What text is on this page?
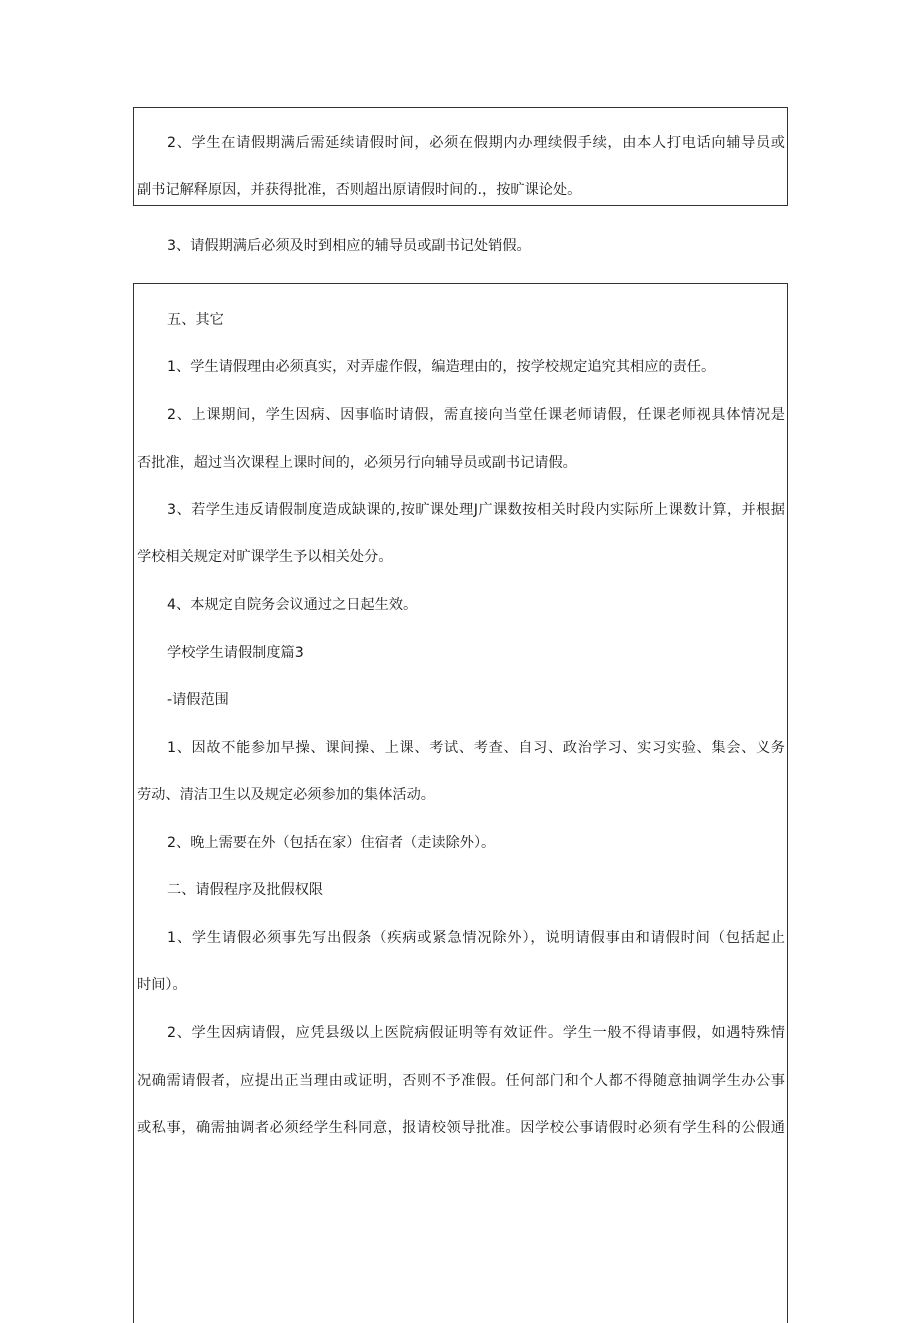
2、学生在请假期满后需延续请假时间，必须在假期内办理续假手续，由本人打电话向辅导员或
副书记解释原因，并获得批准，否则超出原请假时间的.，按旷课论处。
3、请假期满后必须及时到相应的辅导员或副书记处销假。
五、其它
1、学生请假理由必须真实，对弄虚作假，编造理由的，按学校规定追究其相应的责任。
2、上课期间，学生因病、因事临时请假，需直接向当堂任课老师请假，任课老师视具体情况是
否批准，超过当次课程上课时间的，必须另行向辅导员或副书记请假。
3、若学生违反请假制度造成缺课的,按旷课处理J广课数按相关时段内实际所上课数计算，并根据
学校相关规定对旷课学生予以相关处分。
4、本规定自院务会议通过之日起生效。
学校学生请假制度篇3
-请假范围
1、因故不能参加早操、课间操、上课、考试、考查、自习、政治学习、实习实验、集会、义务
劳动、清洁卫生以及规定必须参加的集体活动。
2、晚上需要在外（包括在家）住宿者（走读除外）。
二、请假程序及批假权限
1、学生请假必须事先写出假条（疾病或紧急情况除外），说明请假事由和请假时间（包括起止
时间）。
2、学生因病请假，应凭县级以上医院病假证明等有效证件。学生一般不得请事假，如遇特殊情
况确需请假者，应提出正当理由或证明，否则不予准假。任何部门和个人都不得随意抽调学生办公事
或私事，确需抽调者必须经学生科同意，报请校领导批准。因学校公事请假时必须有学生科的公假通
